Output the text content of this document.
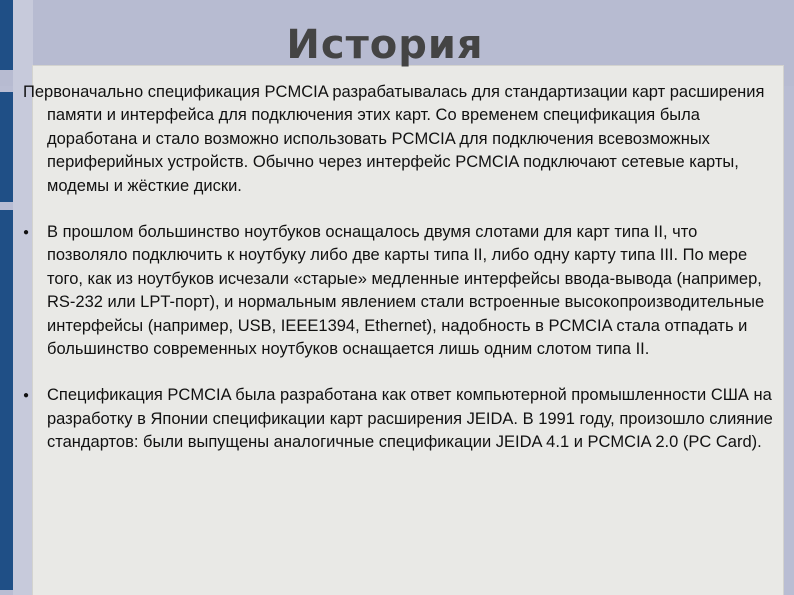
История
Первоначально спецификация PCMCIA разрабатывалась для стандартизации карт расширения памяти и интерфейса для подключения этих карт. Со временем спецификация была доработана и стало возможно использовать PCMCIA для подключения всевозможных периферийных устройств. Обычно через интерфейс PCMCIA подключают сетевые карты, модемы и жёсткие диски.
●	В прошлом большинство ноутбуков оснащалось двумя слотами для карт типа II, что позволяло подключить к ноутбуку либо две карты типа II, либо одну карту типа III. По мере того, как из ноутбуков исчезали «старые» медленные интерфейсы ввода-вывода (например, RS-232 или LPT-порт), и нормальным явлением стали встроенные высокопроизводительные интерфейсы (например, USB, IEEE1394, Ethernet), надобность в PCMCIA стала отпадать и большинство современных ноутбуков оснащается лишь одним слотом типа II.
●	Спецификация PCMCIA была разработана как ответ компьютерной промышленности США на разработку в Японии спецификации карт расширения JEIDA. В 1991 году, произошло слияние стандартов: были выпущены аналогичные спецификации JEIDA 4.1 и PCMCIA 2.0 (PC Card).
